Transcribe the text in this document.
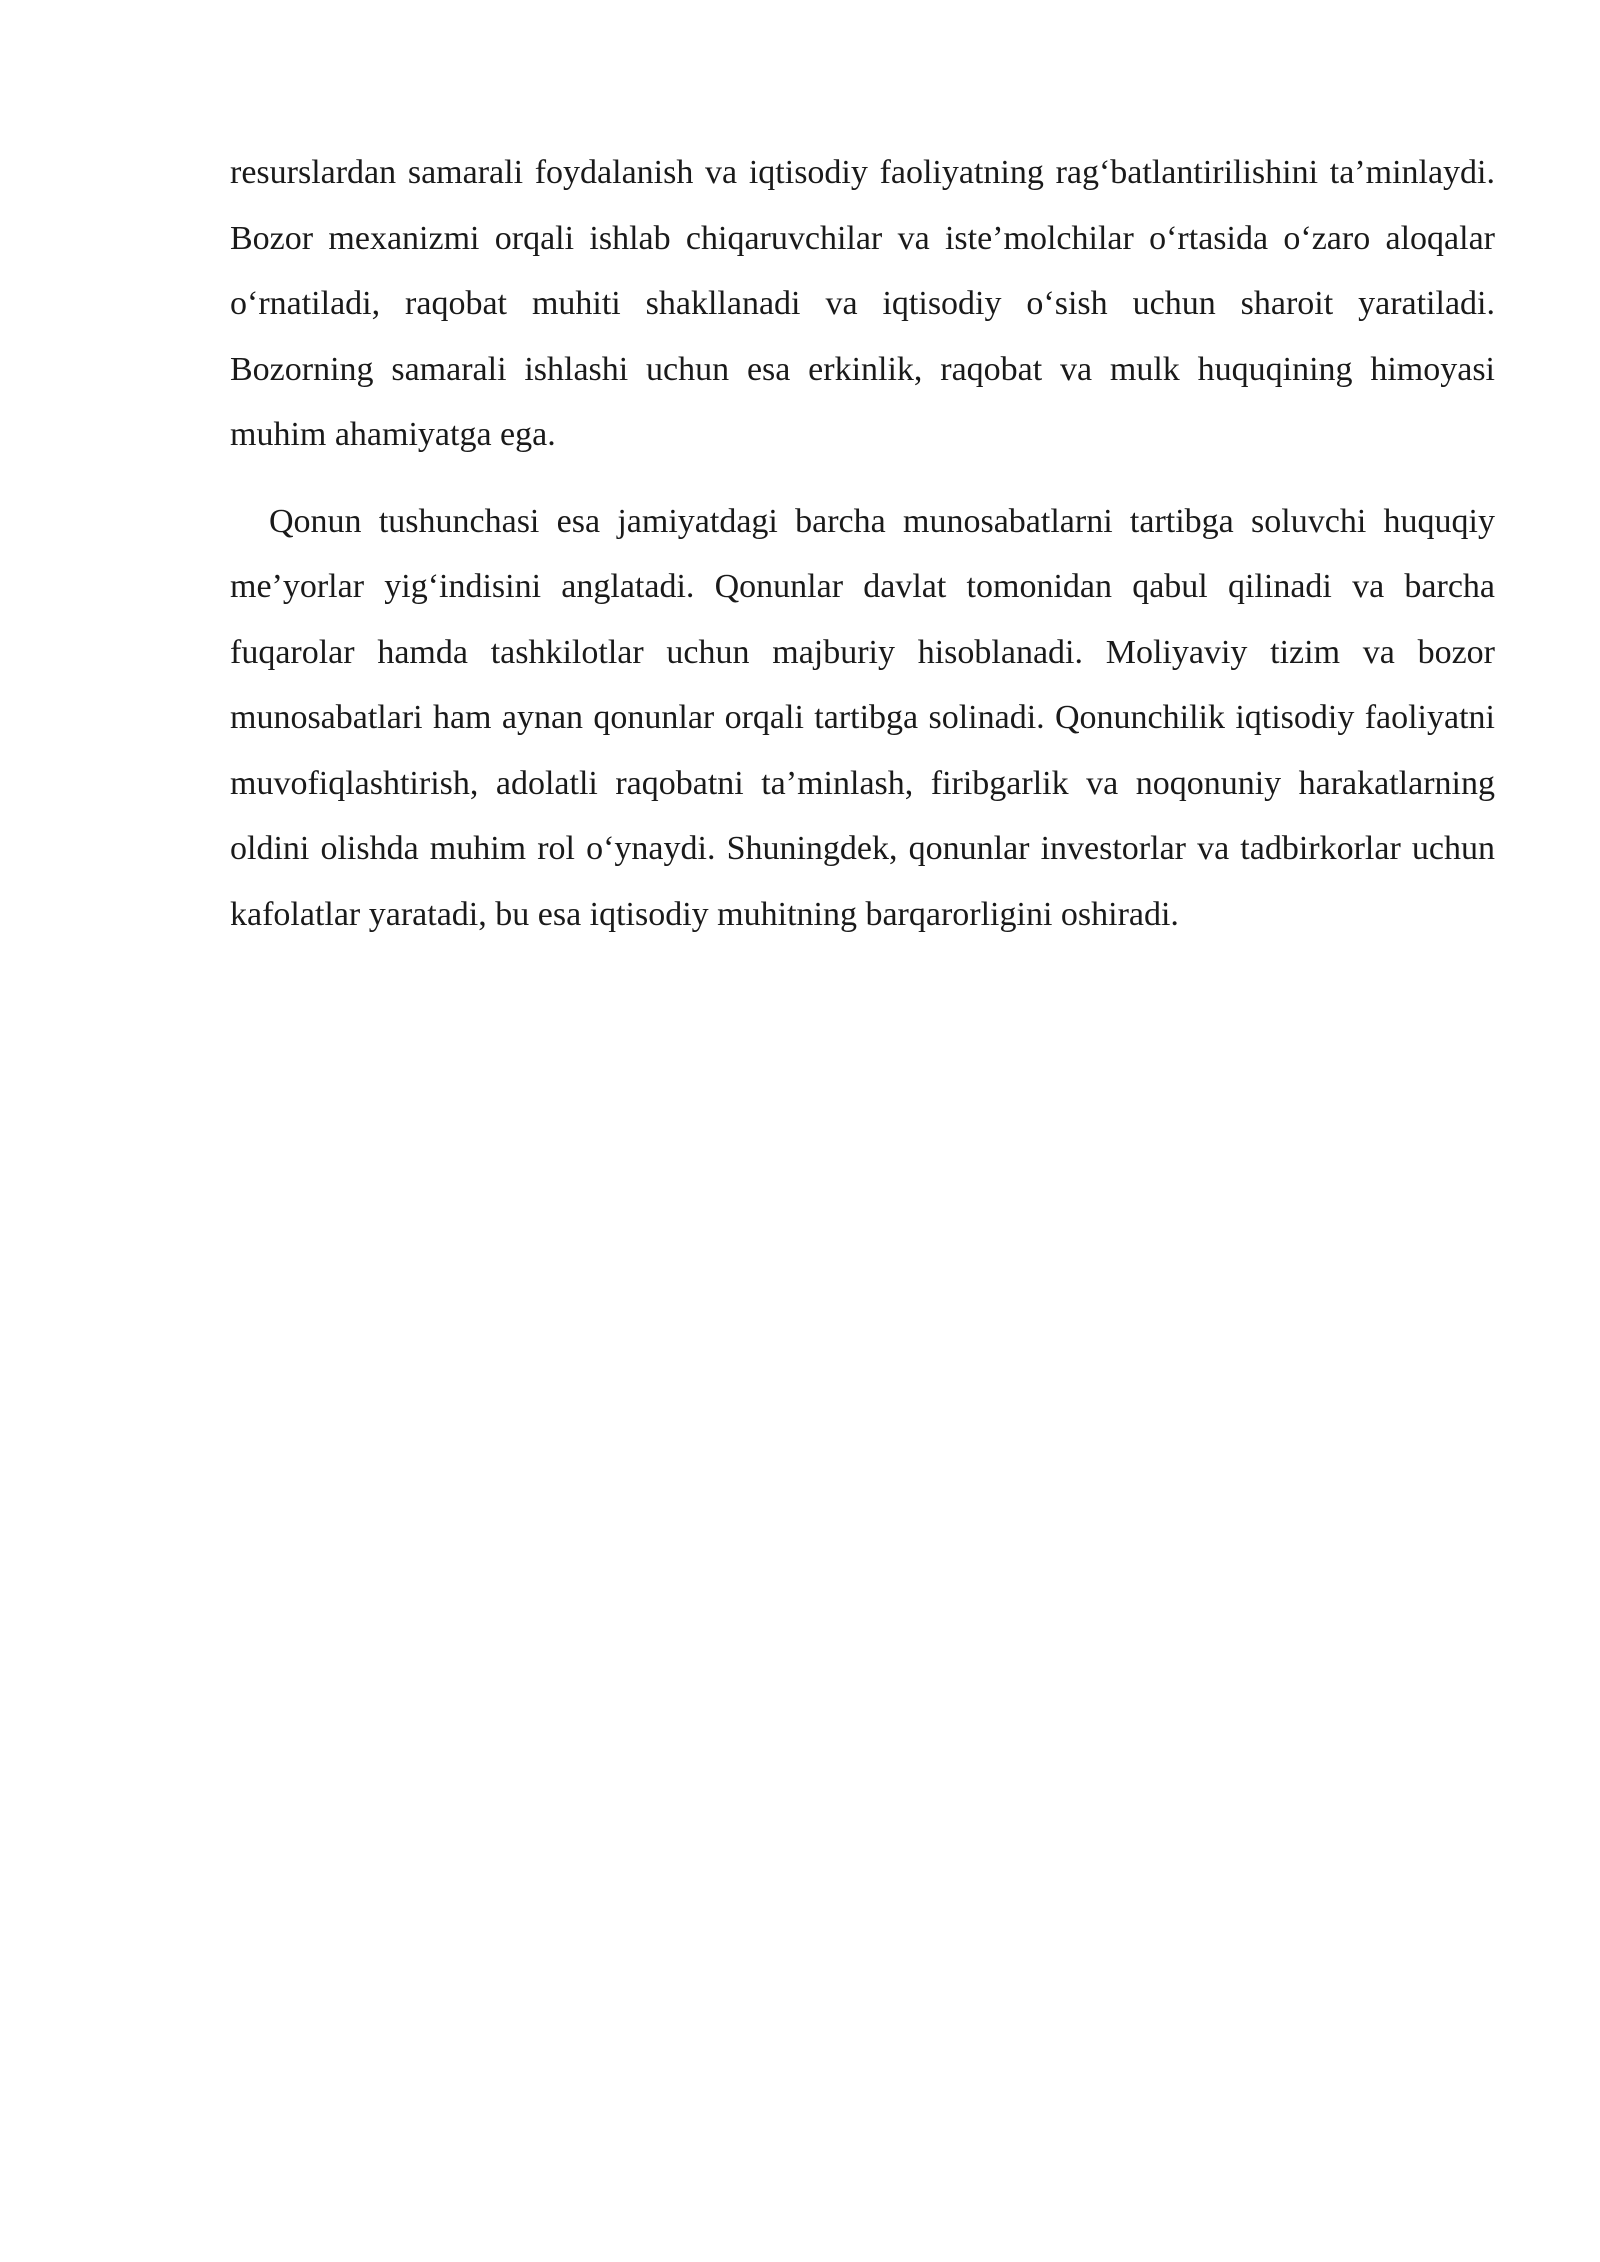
resurslardan samarali foydalanish va iqtisodiy faoliyatning rag‘batlantirilishini ta’minlaydi. Bozor mexanizmi orqali ishlab chiqaruvchilar va iste’molchilar o‘rtasida o‘zaro aloqalar o‘rnatiladi, raqobat muhiti shakllanadi va iqtisodiy o‘sish uchun sharoit yaratiladi. Bozorning samarali ishlashi uchun esa erkinlik, raqobat va mulk huquqining himoyasi muhim ahamiyatga ega.

Qonun tushunchasi esa jamiyatdagi barcha munosabatlarni tartibga soluvchi huquqiy me’yorlar yig‘indisini anglatadi. Qonunlar davlat tomonidan qabul qilinadi va barcha fuqarolar hamda tashkilotlar uchun majburiy hisoblanadi. Moliyaviy tizim va bozor munosabatlari ham aynan qonunlar orqali tartibga solinadi. Qonunchilik iqtisodiy faoliyatni muvofiqlashtirish, adolatli raqobatni ta’minlash, firibgarlik va noqonuniy harakatlarning oldini olishda muhim rol o‘ynaydi. Shuningdek, qonunlar investorlar va tadbirkorlar uchun kafolatlar yaratadi, bu esa iqtisodiy muhitning barqarorligini oshiradi.
